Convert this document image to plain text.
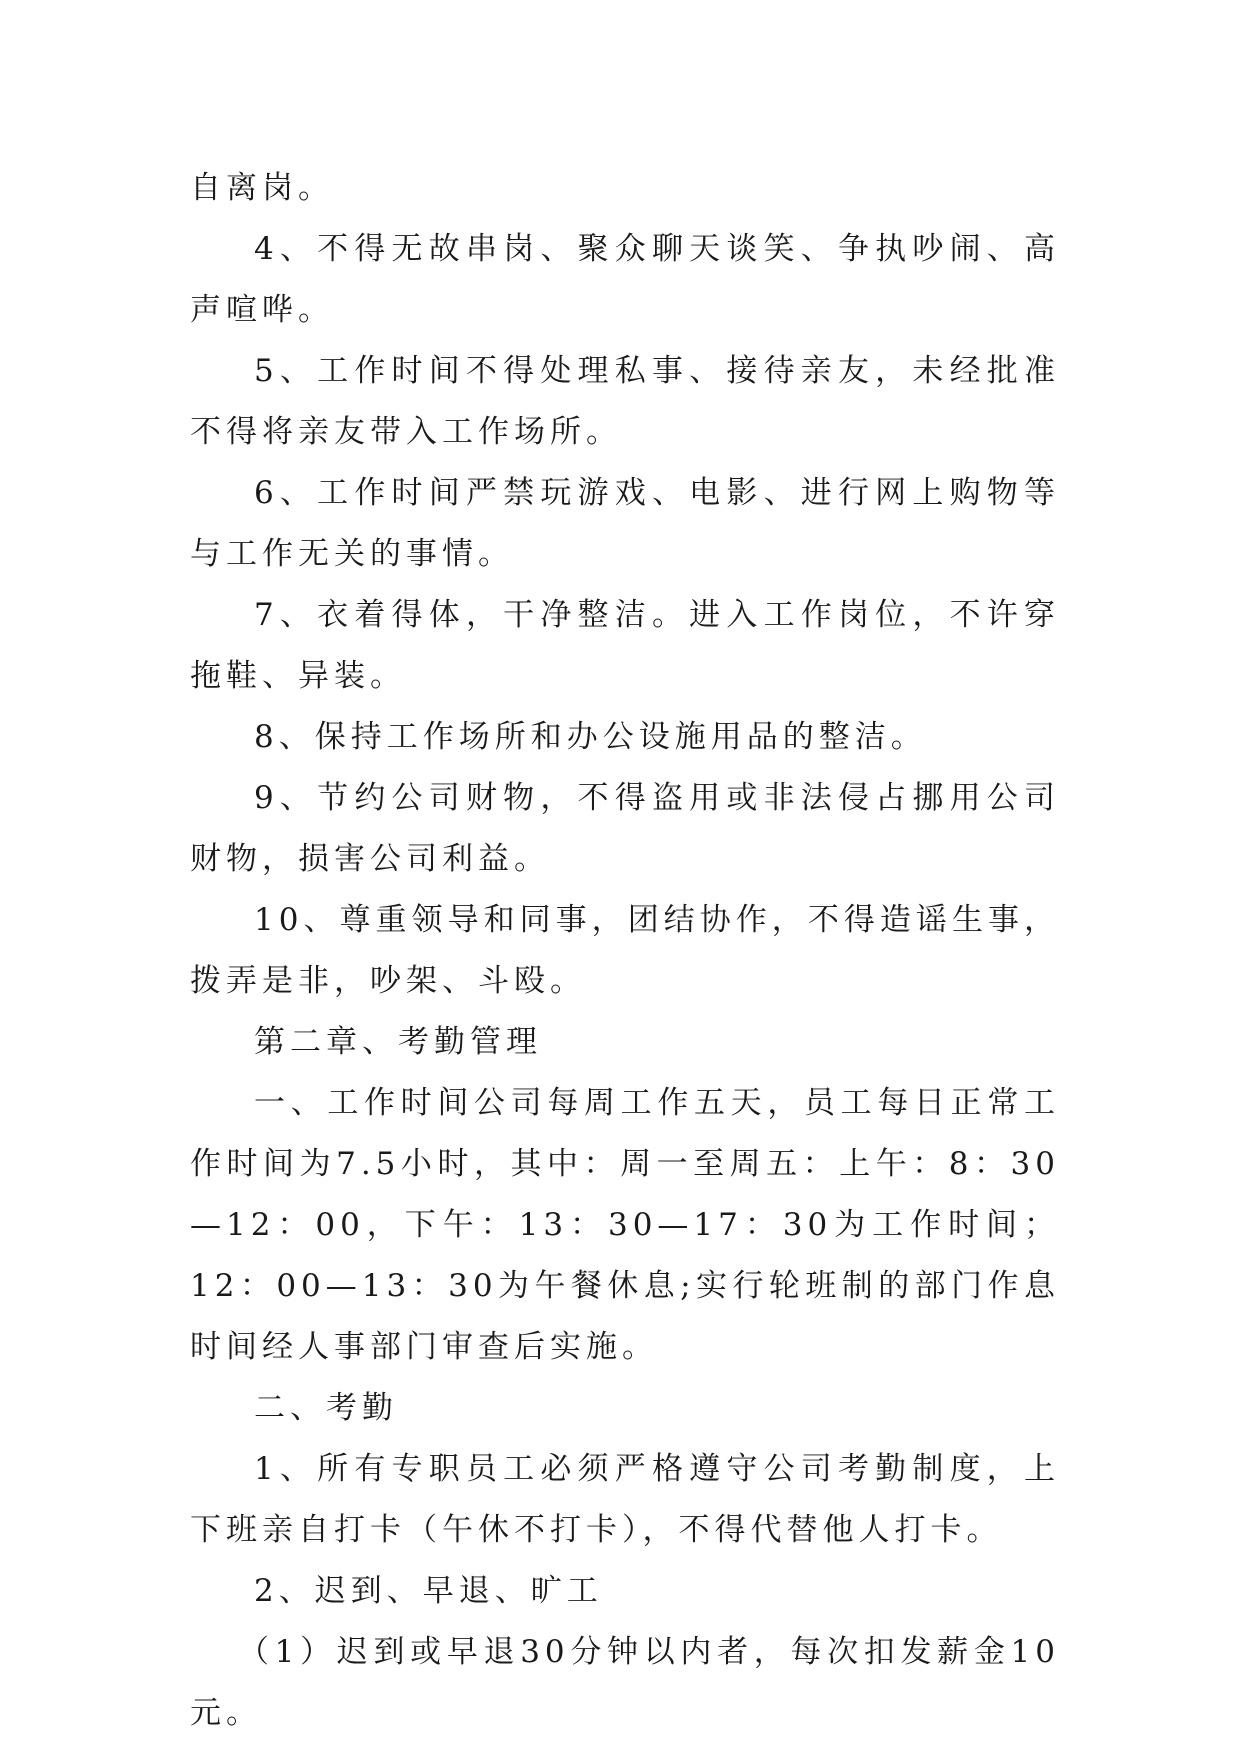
自离岗。

4、不得无故串岗、聚众聊天谈笑、争执吵闹、高声喧哗。

5、工作时间不得处理私事、接待亲友，未经批准不得将亲友带入工作场所。

6、工作时间严禁玩游戏、电影、进行网上购物等与工作无关的事情。

7、衣着得体，干净整洁。进入工作岗位，不许穿拖鞋、异装。

8、保持工作场所和办公设施用品的整洁。

9、节约公司财物，不得盗用或非法侵占挪用公司财物，损害公司利益。

10、尊重领导和同事，团结协作，不得造谣生事，拨弄是非，吵架、斗殴。

第二章、考勤管理

一、工作时间公司每周工作五天，员工每日正常工作时间为7.5小时，其中：周一至周五：上午：8：30—12：00，下午：13：30—17：30为工作时间；12：00—13：30为午餐休息;实行轮班制的部门作息时间经人事部门审查后实施。

二、考勤

1、所有专职员工必须严格遵守公司考勤制度，上下班亲自打卡（午休不打卡），不得代替他人打卡。

2、迟到、早退、旷工

（1）迟到或早退30分钟以内者，每次扣发薪金10元。
